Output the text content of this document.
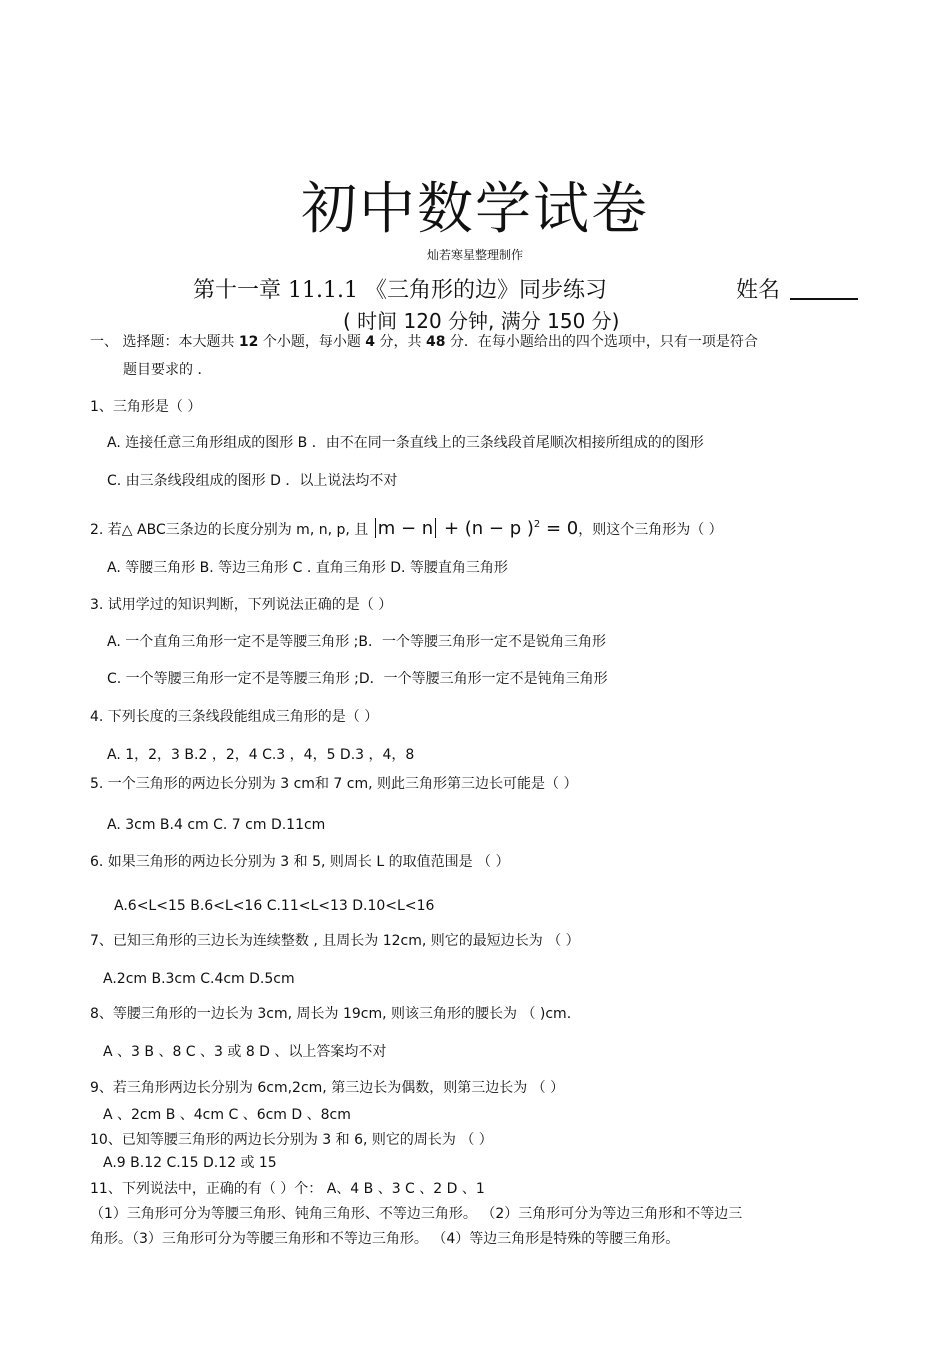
初中数学试卷
灿若寒星整理制作
第十一章 11.1.1 《三角形的边》同步练习	姓名
( 时间 120 分钟, 满分 150 分)
一、 选择题：本大题共 12 个小题，每小题 4 分，共 48 分．在每小题给出的四个选项中，只有一项是符合
题目要求的 ．
1、三角形是（ ）
A. 连接任意三角形组成的图形 B ．由不在同一条直线上的三条线段首尾顺次相接所组成的的图形
C. 由三条线段组成的图形 D ．以上说法均不对
2. 若△ ABC三条边的长度分别为 m, n, p, 且 m − n + (n − p )$^2$ = 0，则这个三角形为（ ）
A. 等腰三角形 B. 等边三角形 C . 直角三角形 D. 等腰直角三角形
3. 试用学过的知识判断，下列说法正确的是（ ）
A. 一个直角三角形一定不是等腰三角形 ;B．一个等腰三角形一定不是锐角三角形
C. 一个等腰三角形一定不是等腰三角形 ;D．一个等腰三角形一定不是钝角三角形
4. 下列长度的三条线段能组成三角形的是（ ）
A. 1，2，3 B.2 ，2，4 C.3 ，4，5 D.3 ，4，8
5. 一个三角形的两边长分别为 3 cm和 7 cm, 则此三角形第三边长可能是（ ）
A. 3cm B.4 cm C. 7 cm D.11cm
6. 如果三角形的两边长分别为 3 和 5, 则周长 L 的取值范围是 （ ）
A.6<L<15 B.6<L<16 C.11<L<13 D.10<L<16
7、已知三角形的三边长为连续整数 , 且周长为 12cm, 则它的最短边长为 （ ）
A.2cm B.3cm C.4cm D.5cm
8、等腰三角形的一边长为 3cm, 周长为 19cm, 则该三角形的腰长为 （ )cm.
A 、3 B 、8 C 、3 或 8 D 、以上答案均不对
9、若三角形两边长分别为 6cm,2cm, 第三边长为偶数，则第三边长为 （ ）
A 、2cm B 、4cm C 、6cm D 、8cm
10、已知等腰三角形的两边长分别为 3 和 6, 则它的周长为 （ ）
A.9 B.12 C.15 D.12 或 15
11、下列说法中，正确的有（ ）个： A、4 B 、3 C 、2 D 、1
（1）三角形可分为等腰三角形、钝角三角形、不等边三角形。 （2）三角形可分为等边三角形和不等边三
角形。（3）三角形可分为等腰三角形和不等边三角形。 （4）等边三角形是特殊的等腰三角形。
